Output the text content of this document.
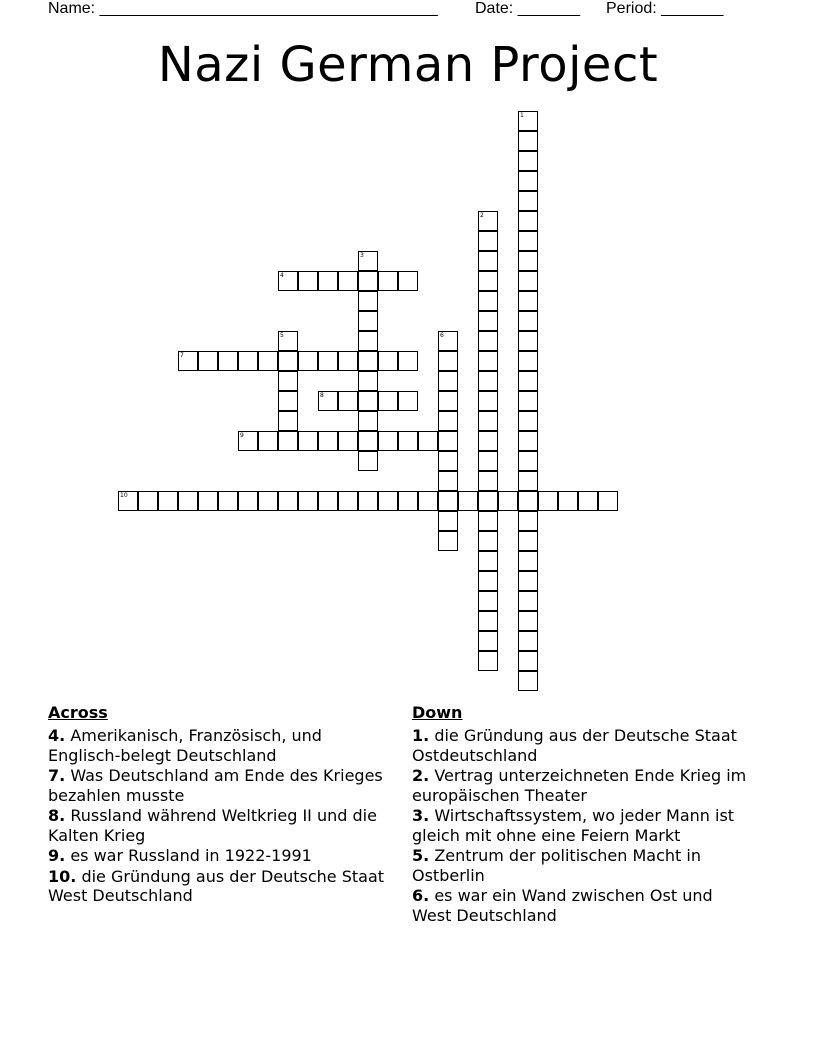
Name: ______________________________________ Date: _______ Period: _______
Nazi German Project
1
2
3
4
5	6
7
8
9
10
Across
4. Amerikanisch, Französisch, und Englisch-belegt Deutschland
7. Was Deutschland am Ende des Krieges bezahlen musste
8. Russland während Weltkrieg II und die Kalten Krieg
9. es war Russland in 1922-1991
10. die Gründung aus der Deutsche Staat West Deutschland
Down
1. die Gründung aus der Deutsche Staat Ostdeutschland
2. Vertrag unterzeichneten Ende Krieg im europäischen Theater
3. Wirtschaftssystem, wo jeder Mann ist gleich mit ohne eine Feiern Markt
5. Zentrum der politischen Macht in Ostberlin
6. es war ein Wand zwischen Ost und West Deutschland
